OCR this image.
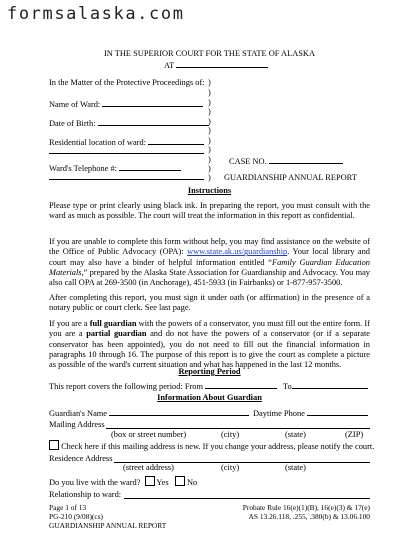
formsalaska.com
IN THE SUPERIOR COURT FOR THE STATE OF ALASKA
AT
In the Matter of the Protective Proceedings of:
Name of Ward:
Date of Birth:
Residential location of ward:
Ward's Telephone #:
)
)
)
)
)
)
)
)
)
)
)
CASE NO.
GUARDIANSHIP ANNUAL REPORT
Instructions
Please type or print clearly using black ink. In preparing the report, you must consult with the ward as much as possible. The court will treat the information in this report as confidential.
If you are unable to complete this form without help, you may find assistance on the website of the Office of Public Advocacy (OPA): www.state.ak.us/guardianship. Your local library and court may also have a binder of helpful information entitled “Family Guardian Education Materials,” prepared by the Alaska State Association for Guardianship and Advocacy. You may also call OPA at 269-3500 (in Anchorage), 451-5933 (in Fairbanks) or 1-877-957-3500.
After completing this report, you must sign it under oath (or affirmation) in the presence of a notary public or court clerk. See last page.
If you are a full guardian with the powers of a conservator, you must fill out the entire form. If you are a partial guardian and do not have the powers of a conservator (or if a separate conservator has been appointed), you do not need to fill out the financial information in paragraphs 10 through 16. The purpose of this report is to give the court as complete a picture as possible of the ward's current situation and what has happened in the last 12 months.
Reporting Period
This report covers the following period: From	To
Information About Guardian
Guardian's Name	Daytime Phone
Mailing Address
(box or street number)	(city)	(state)	(ZIP)
Check here if this mailing address is new. If you change your address, please notify the court.
Residence Address
(street address)	(city)	(state)
Do you live with the ward? Yes No
Relationship to ward:
Page 1 of 13
PG-210 (9/08)(cs)
GUARDIANSHIP ANNUAL REPORT
Probate Rule 16(e)(1)(B), 16(e)(3) & 17(e)
AS 13.26.118, .255, .380(b) & 13.06.100
